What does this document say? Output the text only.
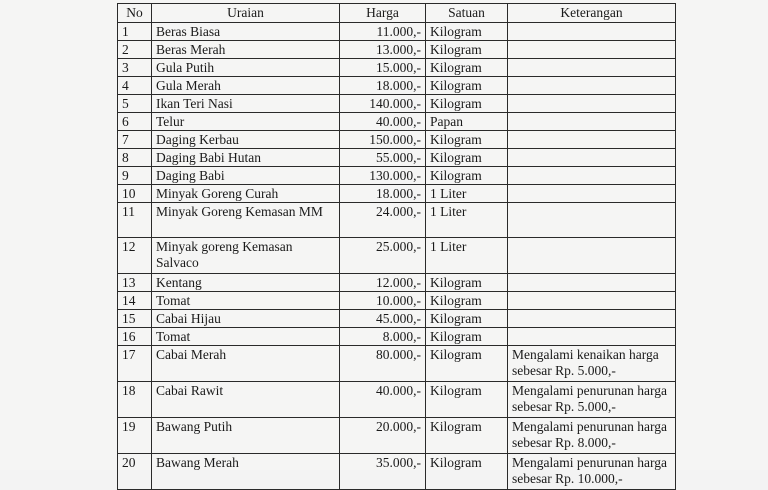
No	Uraian	Harga	Satuan	Keterangan
1	Beras Biasa	11.000,-	Kilogram	
2	Beras Merah	13.000,-	Kilogram	
3	Gula Putih	15.000,-	Kilogram	
4	Gula Merah	18.000,-	Kilogram	
5	Ikan Teri Nasi	140.000,-	Kilogram	
6	Telur	40.000,-	Papan	
7	Daging Kerbau	150.000,-	Kilogram	
8	Daging Babi Hutan	55.000,-	Kilogram	
9	Daging Babi	130.000,-	Kilogram	
10	Minyak Goreng Curah	18.000,-	1 Liter	
11	Minyak Goreng Kemasan MM	24.000,-	1 Liter	
12	Minyak goreng Kemasan Salvaco	25.000,-	1 Liter	
13	Kentang	12.000,-	Kilogram	
14	Tomat	10.000,-	Kilogram	
15	Cabai Hijau	45.000,-	Kilogram	
16	Tomat	8.000,-	Kilogram	
17	Cabai Merah	80.000,-	Kilogram	Mengalami kenaikan harga sebesar Rp. 5.000,-
18	Cabai Rawit	40.000,-	Kilogram	Mengalami penurunan harga sebesar Rp. 5.000,-
19	Bawang Putih	20.000,-	Kilogram	Mengalami penurunan harga sebesar Rp. 8.000,-
20	Bawang Merah	35.000,-	Kilogram	Mengalami penurunan harga sebesar Rp. 10.000,-
